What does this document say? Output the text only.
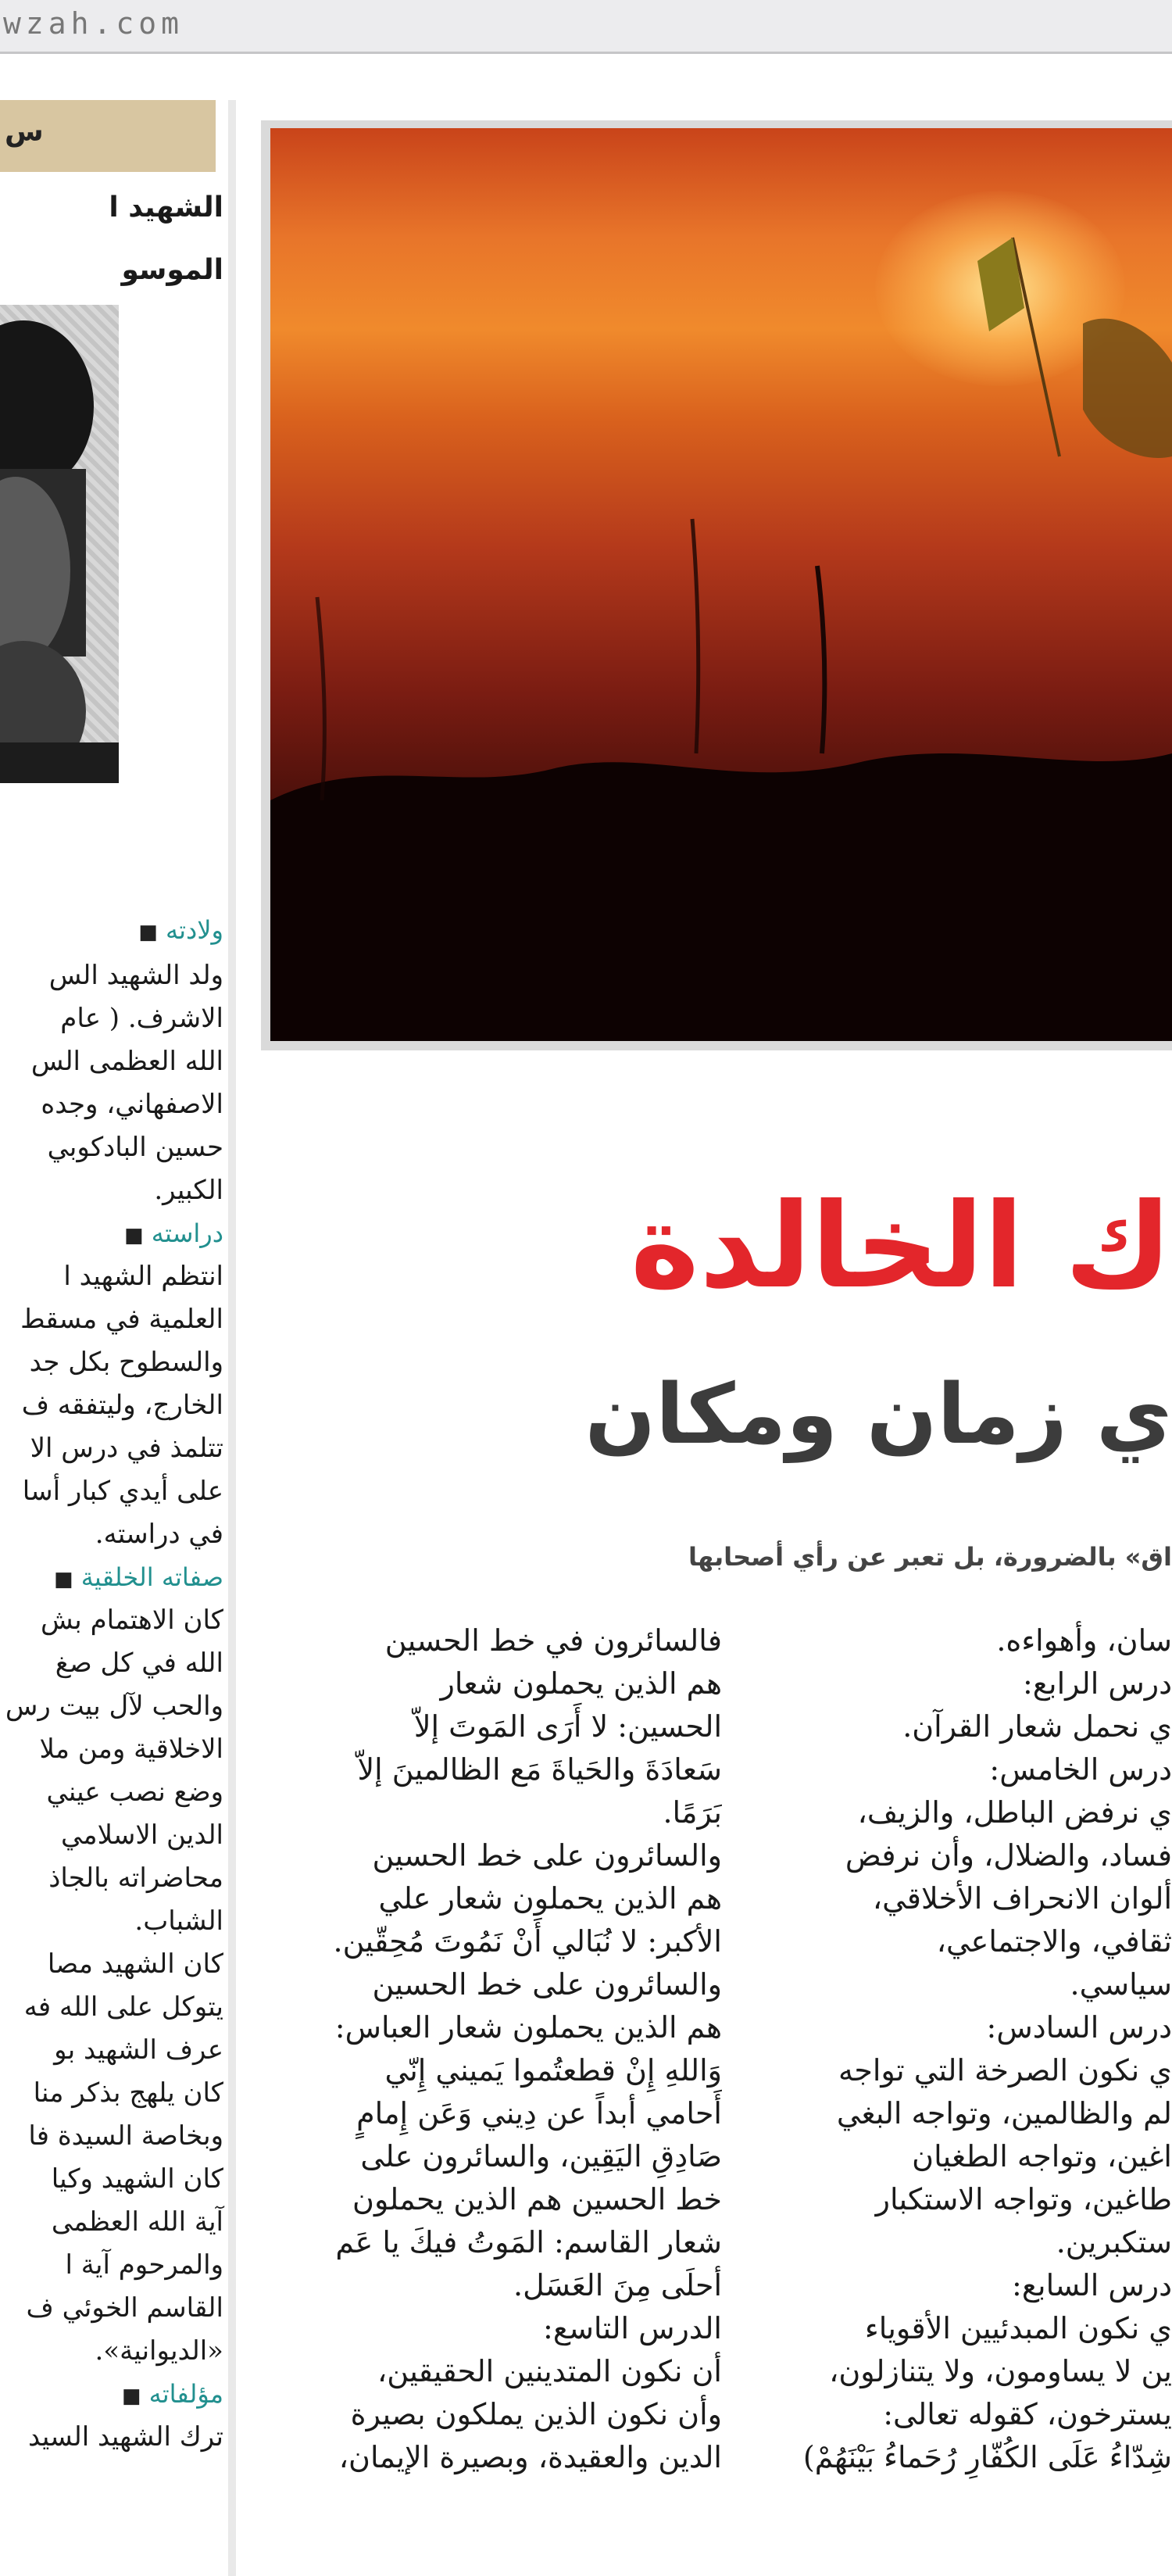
wzah.com
س

الشهيد ا

الموسو

ولادته ■

ولد الشهيد الس

الاشرف. ( عام

الله العظمى الس

الاصفهاني، وجده

حسين البادكوبي

الكبير.

دراسته ■

انتظم الشهيد ا

العلمية في مسقط

والسطوح بكل جد

الخارج، وليتفقه ف

تتلمذ في درس الا

على أيدي كبار أسا

في دراسته.

صفاته الخلقية ■

كان الاهتمام بش

الله في كل صغ

والحب لآل بيت رس

الاخلاقية ومن ملا

وضع نصب عيني

الدين الاسلامي

محاضراته بالجاذ

الشباب.

كان الشهيد مصا

يتوكل على الله فه

عرف الشهيد بو

كان يلهج بذكر منا

وبخاصة السيدة فا

كان الشهيد وكيا

آية الله العظمى

والمرحوم آية ا

القاسم الخوئي ف

«الديوانية».

مؤلفاته ■

ترك الشهيد السيد

ك الخالدة
ي زمان ومكان
اق» بالضرورة، بل تعبر عن رأي أصحابها

فالسائرون في خط الحسين

هم الذين يحملون شعار

الحسين: لا أَرَى المَوتَ إلاّ

سَعادَةَ والحَياةَ مَع الظالمينَ إلاّ

بَرَمًا.

والسائرون على خط الحسين

هم الذين يحملون شعار علي

الأكبر: لا نُبَالي أَنْ نَمُوتَ مُحِقّين.

والسائرون على خط الحسين

هم الذين يحملون شعار العباس:

وَاللهِ إِنْ قطعتُموا يَميني إِنّي

أَحامي أبداً عن دِيني وَعَن إِمامٍ

صَادِقِ اليَقِين، والسائرون على

خط الحسين هم الذين يحملون

شعار القاسم: المَوتُ فيكَ يا عَم

أحلَى مِنَ العَسَل.

الدرس التاسع:

أن نكون المتدينين الحقيقين،

وأن نكون الذين يملكون بصيرة

الدين والعقيدة، وبصيرة الإيمان،

سان، وأهواءه.

درس الرابع:

ي نحمل شعار القرآن.

درس الخامس:

ي نرفض الباطل، والزيف،

فساد، والضلال، وأن نرفض

ألوان الانحراف الأخلاقي،

ثقافي، والاجتماعي،

سياسي.

درس السادس:

ي نكون الصرخة التي تواجه

لم والظالمين، وتواجه البغي

اغين، وتواجه الطغيان

طاغين، وتواجه الاستكبار

ستكبرين.

درس السابع:

ي نكون المبدئيين الأقوياء

ين لا يساومون، ولا يتنازلون،

يسترخون، كقوله تعالى:

شِدّاءُ عَلَى الكُفّارِ رُحَماءُ بَيْنَهُمْ)
